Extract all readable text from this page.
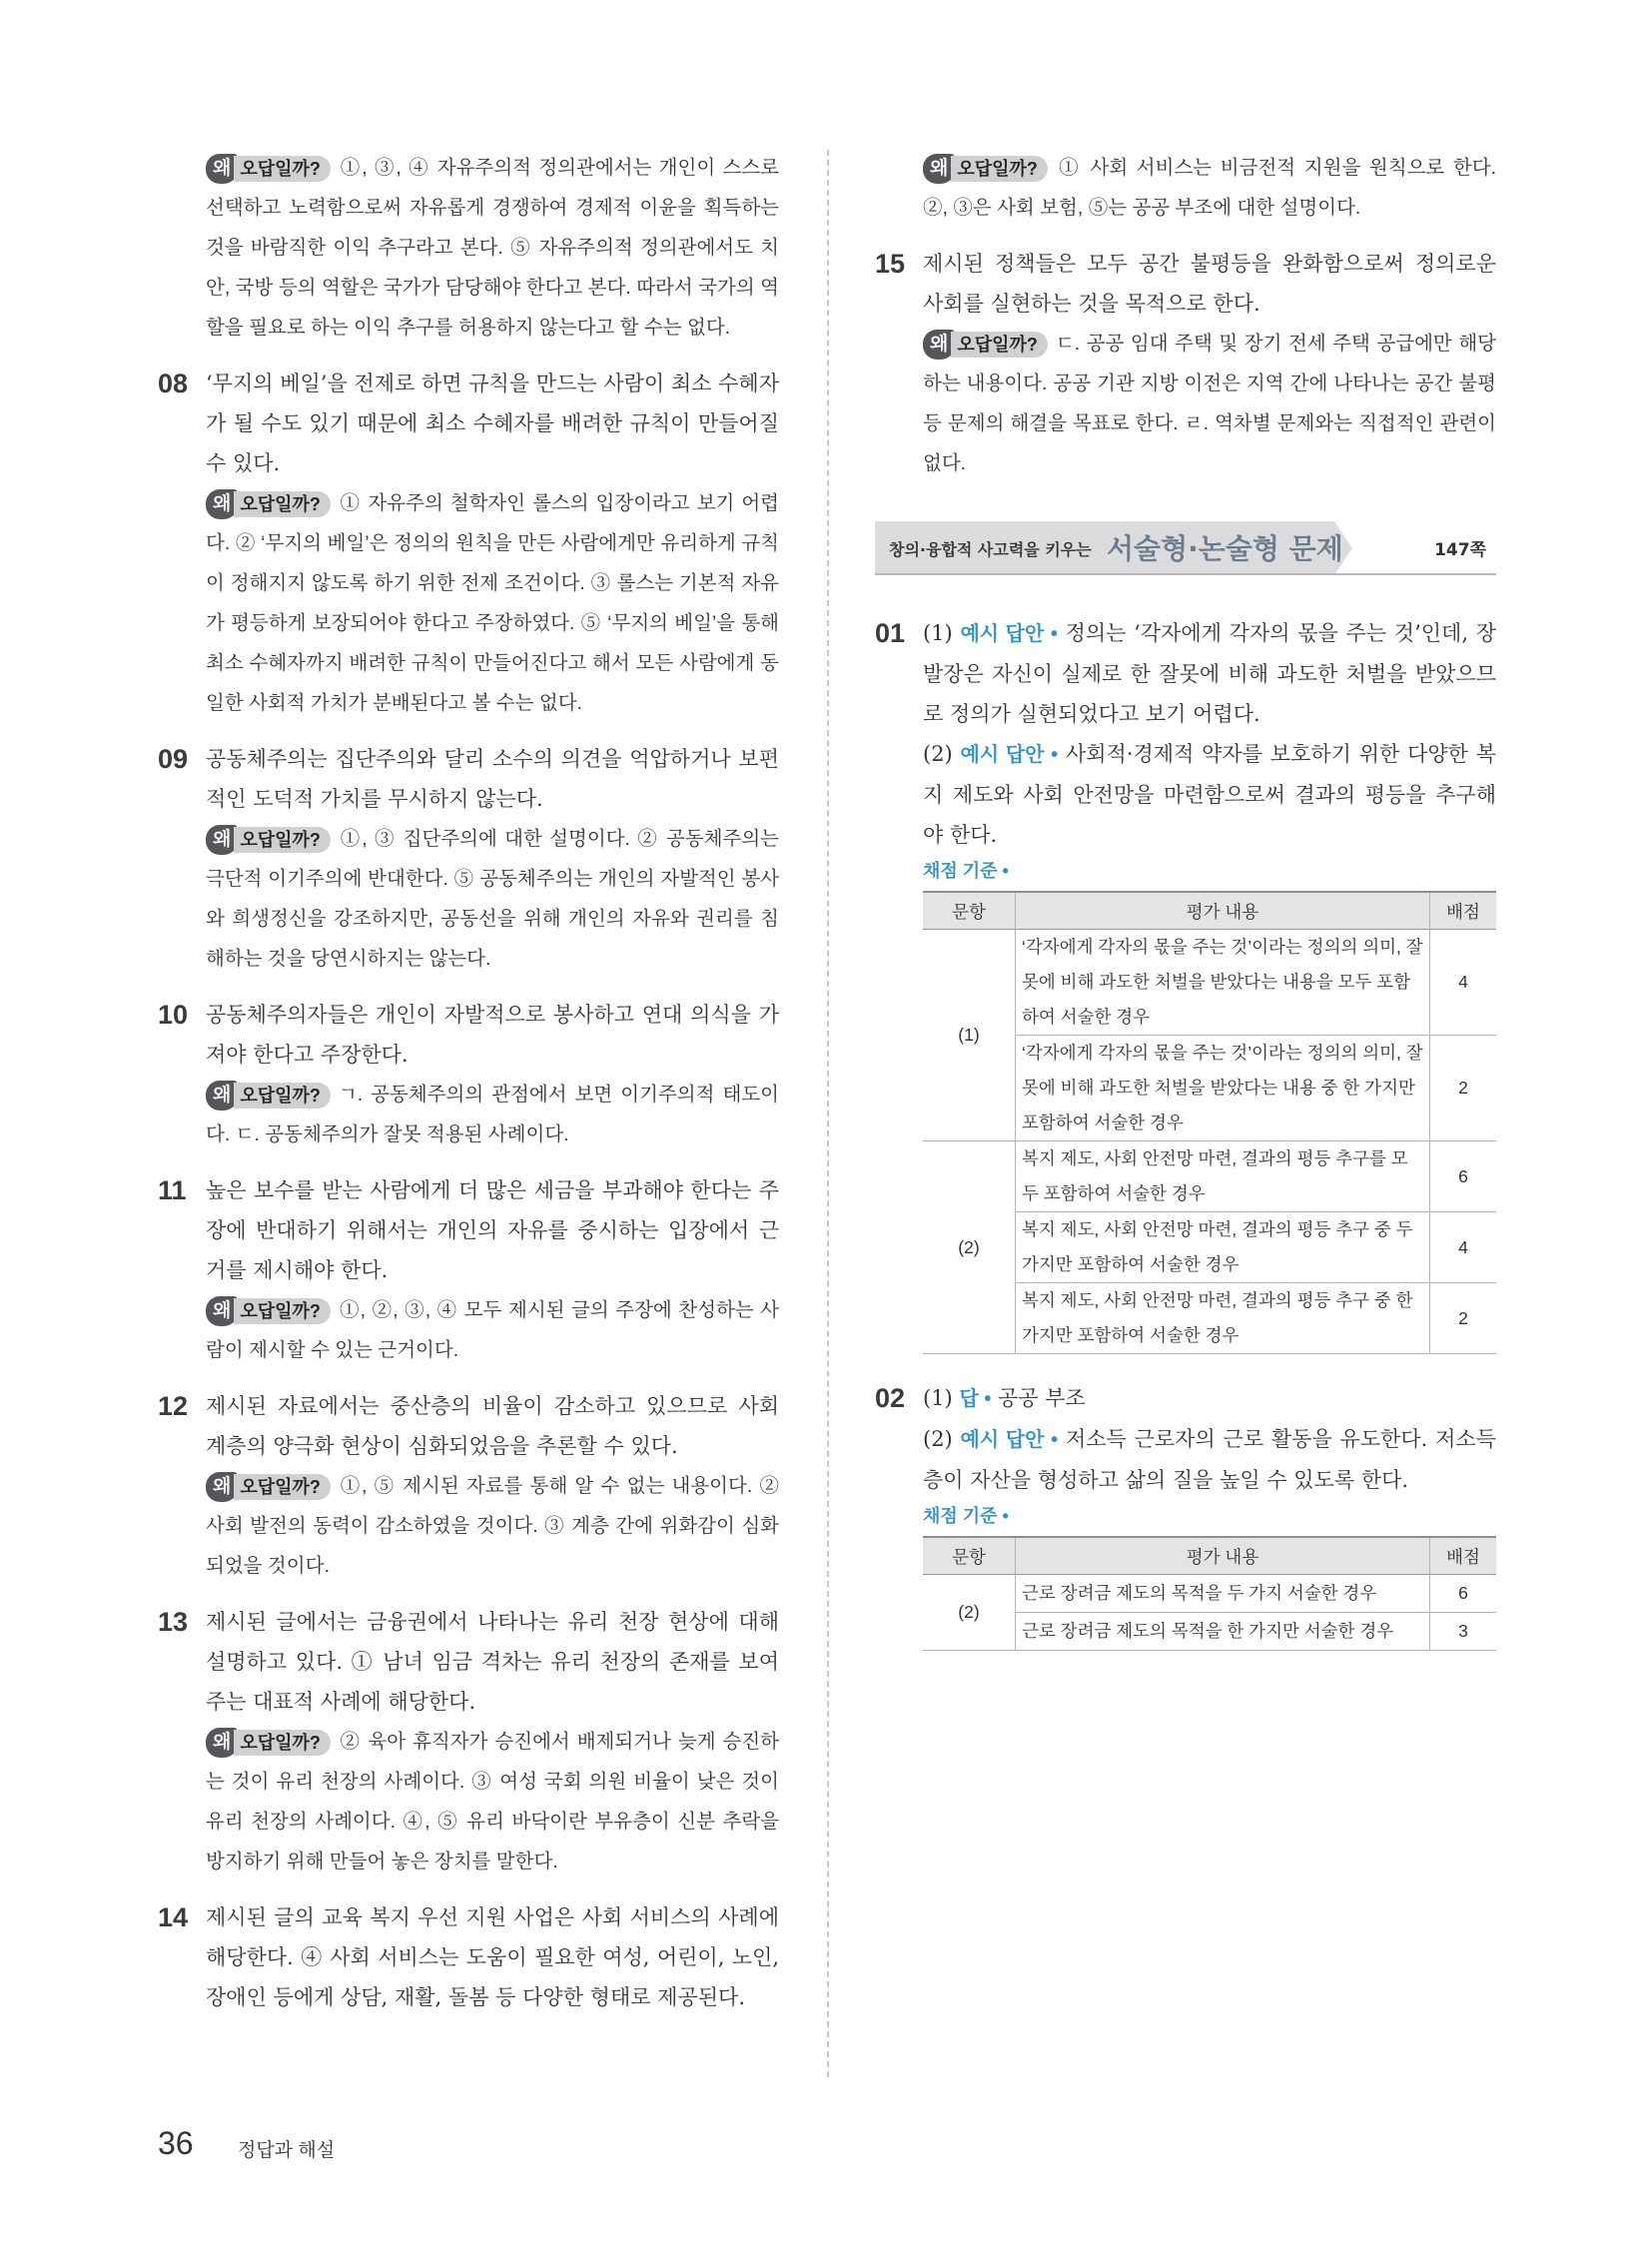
왜 오답일까? ①, ③, ④ 자유주의적 정의관에서는 개인이 스스로 선택하고 노력함으로써 자유롭게 경쟁하여 경제적 이윤을 획득하는 것을 바람직한 이익 추구라고 본다. ⑤ 자유주의적 정의관에서도 치안, 국방 등의 역할은 국가가 담당해야 한다고 본다. 따라서 국가의 역할을 필요로 하는 이익 추구를 허용하지 않는다고 할 수는 없다.

08 ‘무지의 베일’을 전제로 하면 규칙을 만드는 사람이 최소 수혜자가 될 수도 있기 때문에 최소 수혜자를 배려한 규칙이 만들어질 수 있다.

왜 오답일까? ① 자유주의 철학자인 롤스의 입장이라고 보기 어렵다. ② ‘무지의 베일’은 정의의 원칙을 만든 사람에게만 유리하게 규칙이 정해지지 않도록 하기 위한 전제 조건이다. ③ 롤스는 기본적 자유가 평등하게 보장되어야 한다고 주장하였다. ⑤ ‘무지의 베일’을 통해 최소 수혜자까지 배려한 규칙이 만들어진다고 해서 모든 사람에게 동일한 사회적 가치가 분배된다고 볼 수는 없다.

09 공동체주의는 집단주의와 달리 소수의 의견을 억압하거나 보편적인 도덕적 가치를 무시하지 않는다.

왜 오답일까? ①, ③ 집단주의에 대한 설명이다. ② 공동체주의는 극단적 이기주의에 반대한다. ⑤ 공동체주의는 개인의 자발적인 봉사와 희생정신을 강조하지만, 공동선을 위해 개인의 자유와 권리를 침해하는 것을 당연시하지는 않는다.

10 공동체주의자들은 개인이 자발적으로 봉사하고 연대 의식을 가져야 한다고 주장한다.

왜 오답일까? ㄱ. 공동체주의의 관점에서 보면 이기주의적 태도이다. ㄷ. 공동체주의가 잘못 적용된 사례이다.

11 높은 보수를 받는 사람에게 더 많은 세금을 부과해야 한다는 주장에 반대하기 위해서는 개인의 자유를 중시하는 입장에서 근거를 제시해야 한다.

왜 오답일까? ①, ②, ③, ④ 모두 제시된 글의 주장에 찬성하는 사람이 제시할 수 있는 근거이다.

12 제시된 자료에서는 중산층의 비율이 감소하고 있으므로 사회 계층의 양극화 현상이 심화되었음을 추론할 수 있다.

왜 오답일까? ①, ⑤ 제시된 자료를 통해 알 수 없는 내용이다. ② 사회 발전의 동력이 감소하였을 것이다. ③ 계층 간에 위화감이 심화되었을 것이다.

13 제시된 글에서는 금융권에서 나타나는 유리 천장 현상에 대해 설명하고 있다. ① 남녀 임금 격차는 유리 천장의 존재를 보여 주는 대표적 사례에 해당한다.

왜 오답일까? ② 육아 휴직자가 승진에서 배제되거나 늦게 승진하는 것이 유리 천장의 사례이다. ③ 여성 국회 의원 비율이 낮은 것이 유리 천장의 사례이다. ④, ⑤ 유리 바닥이란 부유층이 신분 추락을 방지하기 위해 만들어 놓은 장치를 말한다.

14 제시된 글의 교육 복지 우선 지원 사업은 사회 서비스의 사례에 해당한다. ④ 사회 서비스는 도움이 필요한 여성, 어린이, 노인, 장애인 등에게 상담, 재활, 돌봄 등 다양한 형태로 제공된다.

왜 오답일까? ① 사회 서비스는 비금전적 지원을 원칙으로 한다. ②, ③은 사회 보험, ⑤는 공공 부조에 대한 설명이다.

15 제시된 정책들은 모두 공간 불평등을 완화함으로써 정의로운 사회를 실현하는 것을 목적으로 한다.

왜 오답일까? ㄷ. 공공 임대 주택 및 장기 전세 주택 공급에만 해당하는 내용이다. 공공 기관 지방 이전은 지역 간에 나타나는 공간 불평등 문제의 해결을 목표로 한다. ㄹ. 역차별 문제와는 직접적인 관련이 없다.

창의·융합적 사고력을 키우는 서술형·논술형 문제	147쪽
01 (1) 예시 답안 • 정의는 ‘각자에게 각자의 몫을 주는 것’인데, 장 발장은 자신이 실제로 한 잘못에 비해 과도한 처벌을 받았으므로 정의가 실현되었다고 보기 어렵다.
(2) 예시 답안 • 사회적·경제적 약자를 보호하기 위한 다양한 복지 제도와 사회 안전망을 마련함으로써 결과의 평등을 추구해야 한다.
채점 기준 •
문항	평가 내용	배점
(1)	‘각자에게 각자의 몫을 주는 것’이라는 정의의 의미, 잘못에 비해 과도한 처벌을 받았다는 내용을 모두 포함하여 서술한 경우	4
	‘각자에게 각자의 몫을 주는 것’이라는 정의의 의미, 잘못에 비해 과도한 처벌을 받았다는 내용 중 한 가지만 포함하여 서술한 경우	2
(2)	복지 제도, 사회 안전망 마련, 결과의 평등 추구를 모두 포함하여 서술한 경우	6
	복지 제도, 사회 안전망 마련, 결과의 평등 추구 중 두 가지만 포함하여 서술한 경우	4
	복지 제도, 사회 안전망 마련, 결과의 평등 추구 중 한 가지만 포함하여 서술한 경우	2
02 (1) 답 • 공공 부조
(2) 예시 답안 • 저소득 근로자의 근로 활동을 유도한다. 저소득층이 자산을 형성하고 삶의 질을 높일 수 있도록 한다.
채점 기준 •
문항	평가 내용	배점
(2)	근로 장려금 제도의 목적을 두 가지 서술한 경우	6
	근로 장려금 제도의 목적을 한 가지만 서술한 경우	3
36 정답과 해설
